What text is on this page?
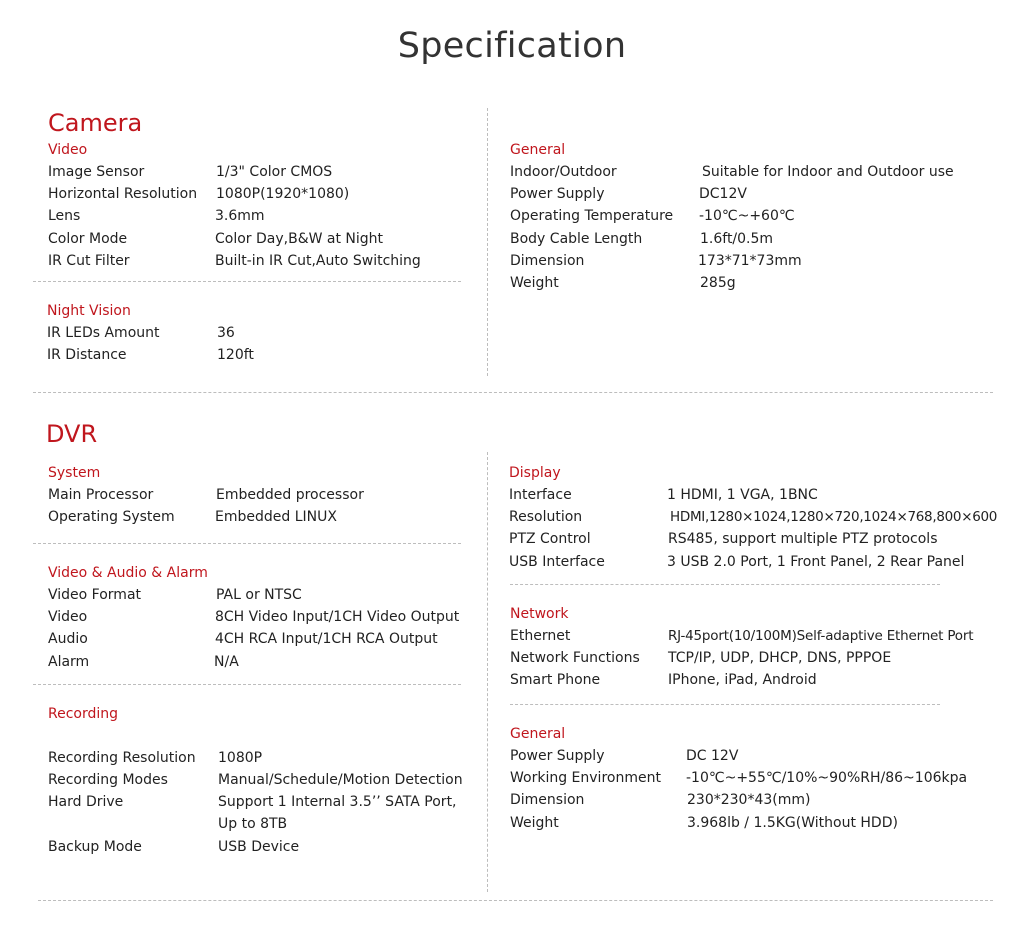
Specification
Camera
Video
Image Sensor	1/3" Color CMOS
Horizontal Resolution 1080P(1920*1080)
Lens	3.6mm
Color Mode	Color Day,B&W at Night
IR Cut Filter	Built-in IR Cut,Auto Switching
Night Vision
IR LEDs Amount	36
IR Distance	120ft
General
Indoor/Outdoor	Suitable for Indoor and Outdoor use
Power Supply	DC12V
Operating Temperature -10℃~+60℃
Body Cable Length	1.6ft/0.5m
Dimension	173*71*73mm
Weight	285g
DVR
System
Main Processor	Embedded processor
Operating System	Embedded LINUX
Video & Audio & Alarm
Video Format	PAL or NTSC
Video	8CH Video Input/1CH Video Output
Audio	4CH RCA Input/1CH RCA Output
Alarm	N/A
Recording
Recording Resolution 1080P
Recording Modes	Manual/Schedule/Motion Detection
Hard Drive	Support 1 Internal 3.5’’ SATA Port, Up to 8TB
Backup Mode	USB Device
Display
Interface	1 HDMI, 1 VGA, 1BNC
Resolution	HDMI,1280×1024,1280×720,1024×768,800×600
PTZ Control	RS485, support multiple PTZ protocols
USB Interface	3 USB 2.0 Port, 1 Front Panel, 2 Rear Panel
Network
Ethernet	RJ-45port(10/100M)Self-adaptive Ethernet Port
Network Functions TCP/IP, UDP, DHCP, DNS, PPPOE
Smart Phone	IPhone, iPad, Android
General
Power Supply	DC 12V
Working Environment -10℃~+55℃/10%~90%RH/86~106kpa
Dimension	230*230*43(mm)
Weight	3.968lb / 1.5KG(Without HDD)
